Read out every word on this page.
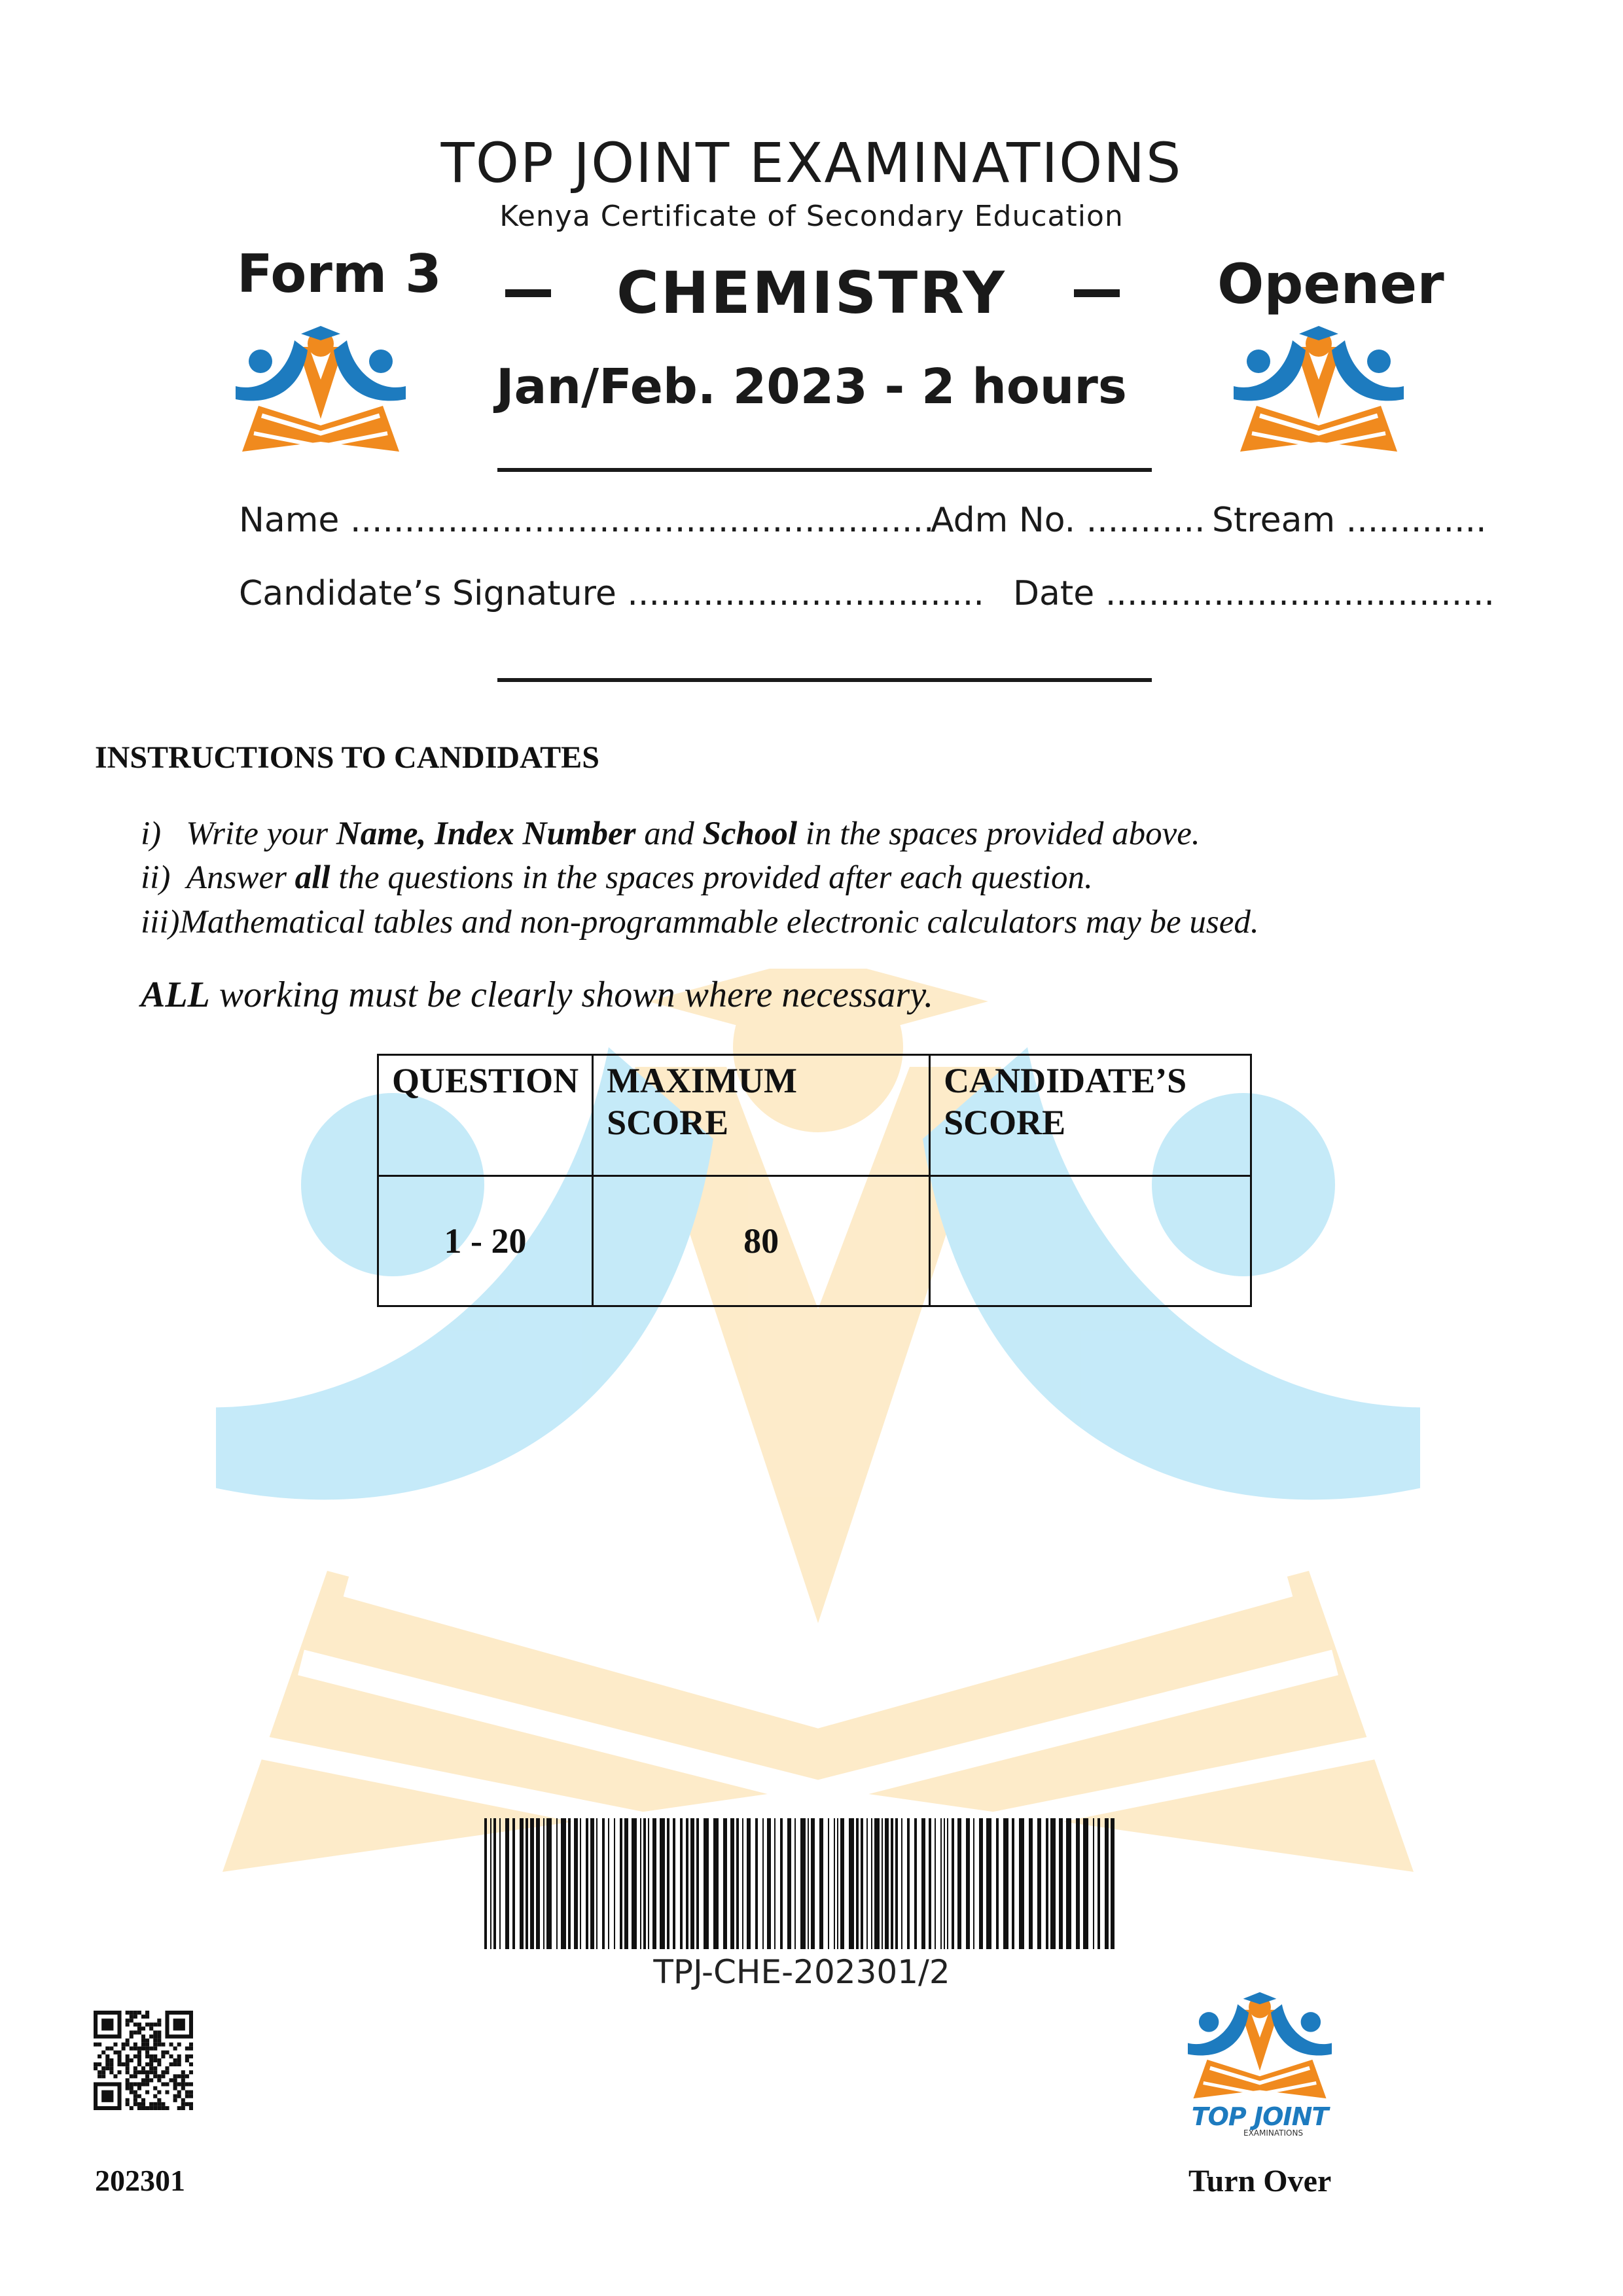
TOP JOINT EXAMINATIONS
Kenya Certificate of Secondary Education
Form 3	CHEMISTRY	Opener
Jan/Feb. 2023 - 2 hours
Name ......................................................
Adm No. ........... Stream .............
Candidate’s Signature ................................. Date ....................................
INSTRUCTIONS TO CANDIDATES
i) Write your Name, Index Number and School in the spaces provided above.
ii) Answer all the questions in the spaces provided after each question.
iii)Mathematical tables and non-programmable electronic calculators may be used.
ALL working must be clearly shown where necessary.
QUESTION	MAXIMUM SCORE	CANDIDATE’S SCORE
1 - 20	80	
TPJ-CHE-202301/2
202301
TOP JOINT
EXAMINATIONS
Turn Over
